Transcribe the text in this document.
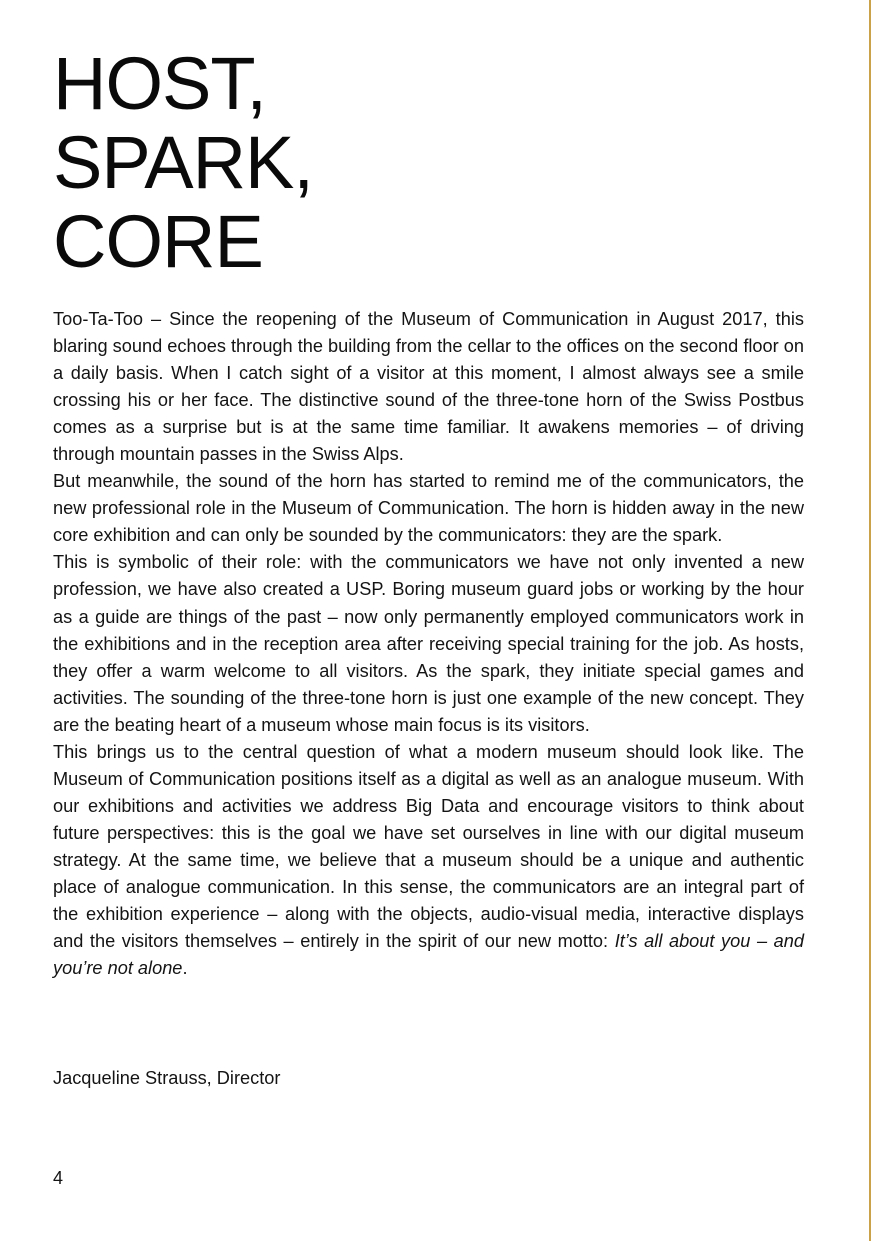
HOST,
SPARK,
CORE

Too-Ta-Too – Since the reopening of the Museum of Communication in August 2017, this blaring sound echoes through the building from the cellar to the offices on the second floor on a daily basis. When I catch sight of a visitor at this moment, I almost always see a smile crossing his or her face. The distinctive sound of the three-tone horn of the Swiss Postbus comes as a surprise but is at the same time familiar. It awakens memories – of driving through mountain passes in the Swiss Alps.

But meanwhile, the sound of the horn has started to remind me of the communicators, the new professional role in the Museum of Communication. The horn is hidden away in the new core exhibition and can only be sounded by the communicators: they are the spark.

This is symbolic of their role: with the communicators we have not only invented a new profession, we have also created a USP. Boring museum guard jobs or working by the hour as a guide are things of the past – now only permanently employed communicators work in the exhibitions and in the reception area after receiving special training for the job. As hosts, they offer a warm welcome to all visitors. As the spark, they initiate special games and activities. The sounding of the three-tone horn is just one example of the new concept. They are the beating heart of a museum whose main focus is its visitors.

This brings us to the central question of what a modern museum should look like. The Museum of Communication positions itself as a digital as well as an analogue museum. With our exhibitions and activities we address Big Data and encourage visitors to think about future perspectives: this is the goal we have set ourselves in line with our digital museum strategy. At the same time, we believe that a museum should be a unique and authentic place of analogue communication. In this sense, the communicators are an integral part of the exhibition experience – along with the objects, audio-visual media, interactive displays and the visitors themselves – entirely in the spirit of our new motto: It’s all about you – and you’re not alone.

Jacqueline Strauss, Director

4
